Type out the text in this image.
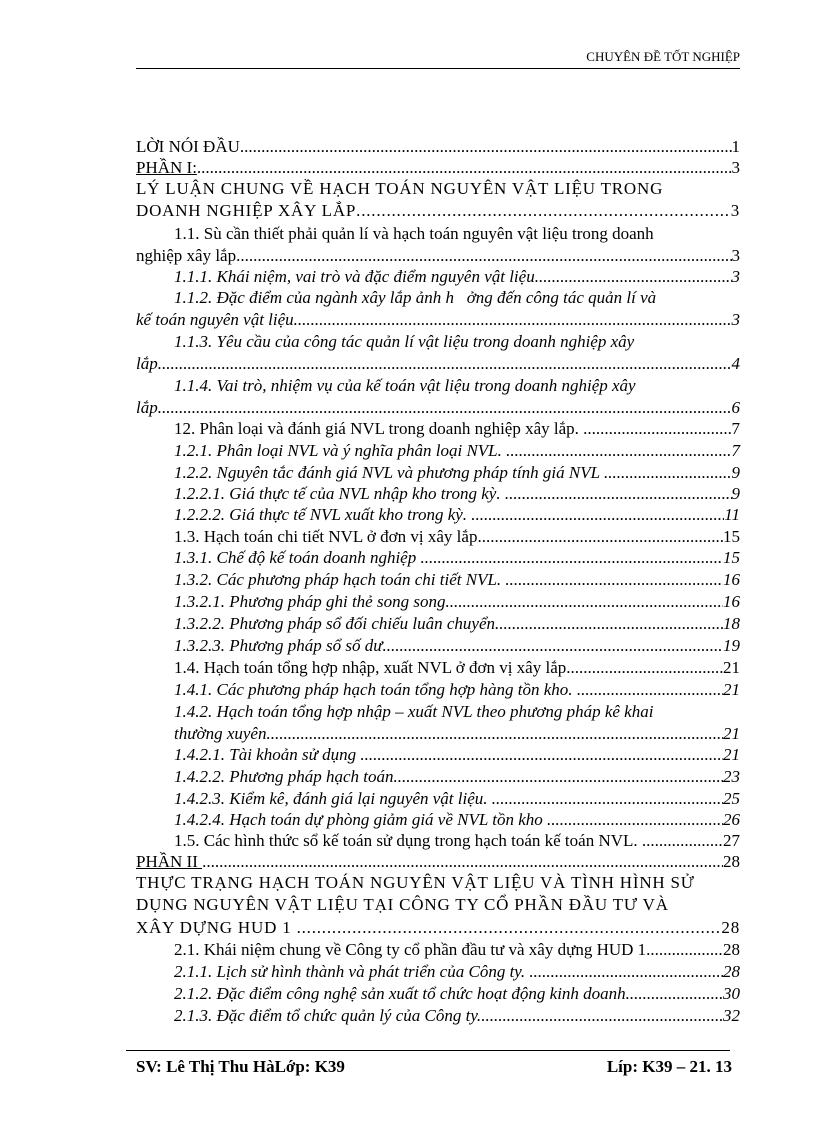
CHUYÊN ĐỀ TỐT NGHIỆP
LỜI NÓI ĐẦU .....	1
PHẦN I: .....	3
LÝ LUẬN CHUNG VỀ HẠCH TOÁN NGUYÊN VẬT LIỆU TRONG
DOANH NGHIỆP XÂY LẮP .....	3
1.1. Sù cần thiết phải quản lí và hạch toán nguyên vật liệu trong doanh
nghiệp xây lắp. .....	3
1.1.1. Khái niệm, vai trò và đặc điểm nguyên vật liệu. .....	3
1.1.2. Đặc điểm của ngành xây lắp ảnh h   ởng đến công tác quản lí và
kế toán nguyên vật liệu .....	3
1.1.3. Yêu cầu của công tác quản lí vật liệu trong doanh nghiệp xây
lắp. .....	4
1.1.4. Vai trò, nhiệm vụ của kế toán vật liệu trong doanh nghiệp xây
lắp. .....	6
12. Phân loại và đánh giá NVL trong doanh nghiệp xây lắp. .....	7
1.2.1. Phân loại NVL và ý nghĩa phân loại NVL. .....	7
1.2.2. Nguyên tắc đánh giá NVL và phương pháp tính giá NVL .....	9
1.2.2.1. Giá thực tế của NVL nhập kho trong kỳ. .....	9
1.2.2.2. Giá thực tế NVL xuất kho trong kỳ. .....	11
1.3. Hạch toán chi tiết NVL ở đơn vị xây lắp. .....	15
1.3.1. Chế độ kế toán doanh nghiệp .....	15
1.3.2. Các phương pháp hạch toán chi tiết NVL. .....	16
1.3.2.1. Phương pháp ghi thẻ song song .....	16
1.3.2.2. Phương pháp sổ đối chiếu luân chuyển .....	18
1.3.2.3. Phương pháp sổ số dư .....	19
1.4. Hạch toán tổng hợp nhập, xuất NVL ở đơn vị xây lắp. .....	21
1.4.1. Các phương pháp hạch toán tổng hợp hàng tồn kho. .....	21
1.4.2. Hạch toán tổng hợp nhập – xuất NVL theo phương pháp kê khai
thường xuyên. .....	21
1.4.2.1. Tài khoản sử dụng .....	21
1.4.2.2. Phương pháp hạch toán. .....	23
1.4.2.3. Kiểm kê, đánh giá lại nguyên vật liệu. .....	25
1.4.2.4. Hạch toán dự phòng giảm giá về NVL tồn kho .....	26
1.5. Các hình thức sổ kế toán sử dụng trong hạch toán kế toán NVL. .....	27
PHẦN II .....	28
THỰC TRẠNG HẠCH TOÁN NGUYÊN VẬT LIỆU VÀ TÌNH HÌNH SỬ
DỤNG NGUYÊN VẬT LIỆU TẠI CÔNG TY CỔ PHẦN ĐẦU TƯ VÀ
XÂY DỰNG HUD 1 .....	28
2.1. Khái niệm chung về Công ty cổ phần đầu tư và xây dựng HUD 1 .....	28
2.1.1. Lịch sử hình thành và phát triển của Công ty. .....	28
2.1.2. Đặc điểm công nghệ sản xuất tổ chức hoạt động kinh doanh. .....	30
2.1.3. Đặc điểm tổ chức quản lý của Công ty. .....	32
SV: Lê Thị Thu HàLớp: K39	Líp: K39 – 21. 13
